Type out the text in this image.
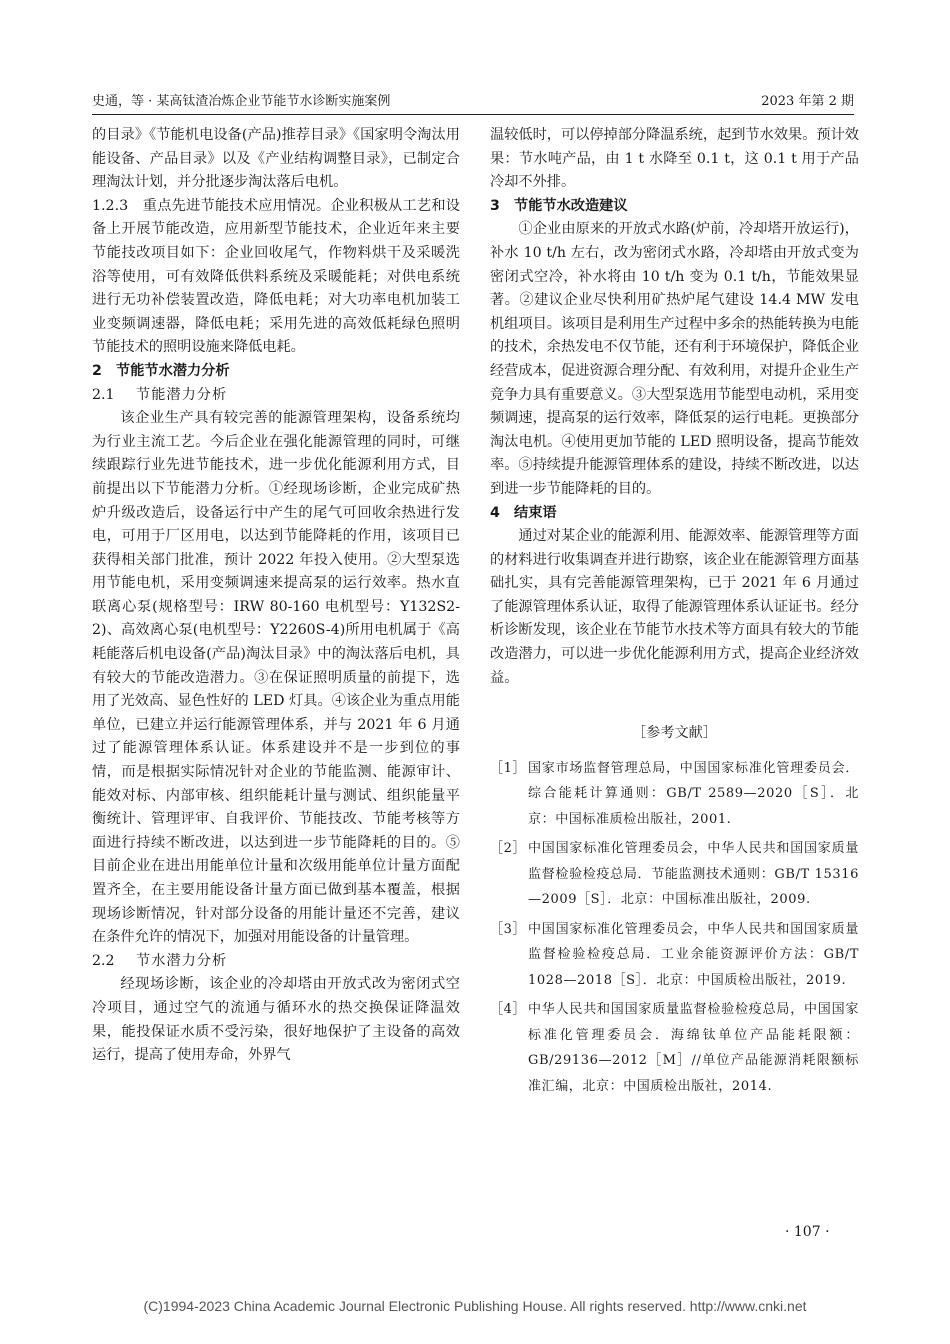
史通，等 · 某高钛渣冶炼企业节能节水诊断实施案例	2023 年第 2 期

的目录》《节能机电设备(产品)推荐目录》《国家明令淘汰用能设备、产品目录》以及《产业结构调整目录》，已制定合理淘汰计划，并分批逐步淘汰落后电机。

1.2.3　重点先进节能技术应用情况。企业积极从工艺和设备上开展节能改造，应用新型节能技术，企业近年来主要节能技改项目如下：企业回收尾气，作物料烘干及采暖洗浴等使用，可有效降低供料系统及采暖能耗；对供电系统进行无功补偿装置改造，降低电耗；对大功率电机加装工业变频调速器，降低电耗；采用先进的高效低耗绿色照明节能技术的照明设施来降低电耗。

2 节能节水潜力分析

2.1 节能潜力分析

该企业生产具有较完善的能源管理架构，设备系统均为行业主流工艺。今后企业在强化能源管理的同时，可继续跟踪行业先进节能技术，进一步优化能源利用方式，目前提出以下节能潜力分析。①经现场诊断，企业完成矿热炉升级改造后，设备运行中产生的尾气可回收余热进行发电，可用于厂区用电，以达到节能降耗的作用，该项目已获得相关部门批准，预计 2022 年投入使用。②大型泵选用节能电机，采用变频调速来提高泵的运行效率。热水直联离心泵(规格型号：IRW 80-160 电机型号：Y132S2-2)、高效离心泵(电机型号：Y2260S-4)所用电机属于《高耗能落后机电设备(产品)淘汰目录》中的淘汰落后电机，具有较大的节能改造潜力。③在保证照明质量的前提下，选用了光效高、显色性好的 LED 灯具。④该企业为重点用能单位，已建立并运行能源管理体系，并与 2021 年 6 月通过了能源管理体系认证。体系建设并不是一步到位的事情，而是根据实际情况针对企业的节能监测、能源审计、能效对标、内部审核、组织能耗计量与测试、组织能量平衡统计、管理评审、自我评价、节能技改、节能考核等方面进行持续不断改进，以达到进一步节能降耗的目的。⑤目前企业在进出用能单位计量和次级用能单位计量方面配置齐全，在主要用能设备计量方面已做到基本覆盖，根据现场诊断情况，针对部分设备的用能计量还不完善，建议在条件允许的情况下，加强对用能设备的计量管理。

2.2 节水潜力分析

经现场诊断，该企业的冷却塔由开放式改为密闭式空冷项目，通过空气的流通与循环水的热交换保证降温效果，能投保证水质不受污染，很好地保护了主设备的高效运行，提高了使用寿命，外界气

温较低时，可以停掉部分降温系统，起到节水效果。预计效果：节水吨产品，由 1 t 水降至 0.1 t，这 0.1 t 用于产品冷却不外排。

3 节能节水改造建议

①企业由原来的开放式水路(炉前，冷却塔开放运行)，补水 10 t/h 左右，改为密闭式水路，冷却塔由开放式变为密闭式空冷，补水将由 10 t/h 变为 0.1 t/h，节能效果显著。②建议企业尽快利用矿热炉尾气建设 14.4 MW 发电机组项目。该项目是利用生产过程中多余的热能转换为电能的技术，余热发电不仅节能，还有利于环境保护，降低企业经营成本，促进资源合理分配、有效利用，对提升企业生产竞争力具有重要意义。③大型泵选用节能型电动机，采用变频调速，提高泵的运行效率，降低泵的运行电耗。更换部分淘汰电机。④使用更加节能的 LED 照明设备，提高节能效率。⑤持续提升能源管理体系的建设，持续不断改进，以达到进一步节能降耗的目的。

4 结束语

通过对某企业的能源利用、能源效率、能源管理等方面的材料进行收集调查并进行勘察，该企业在能源管理方面基础扎实，具有完善能源管理架构，已于 2021 年 6 月通过了能源管理体系认证，取得了能源管理体系认证证书。经分析诊断发现，该企业在节能节水技术等方面具有较大的节能改造潜力，可以进一步优化能源利用方式，提高企业经济效益。

［参考文献］

［1］ 国家市场监督管理总局，中国国家标准化管理委员会．综合能耗计算通则：GB/T 2589—2020［S］．北京：中国标准质检出版社，2001.

［2］ 中国国家标准化管理委员会，中华人民共和国国家质量监督检验检疫总局．节能监测技术通则：GB/T 15316—2009［S］．北京：中国标准出版社，2009.

［3］ 中国国家标准化管理委员会，中华人民共和国国家质量监督检验检疫总局．工业余能资源评价方法：GB/T 1028—2018［S］．北京：中国质检出版社，2019.

［4］ 中华人民共和国国家质量监督检验检疫总局，中国国家标准化管理委员会．海绵钛单位产品能耗限额：GB/29136—2012［M］//单位产品能源消耗限额标准汇编，北京：中国质检出版社，2014.

· 107 ·
(C)1994-2023 China Academic Journal Electronic Publishing House. All rights reserved. http://www.cnki.net
